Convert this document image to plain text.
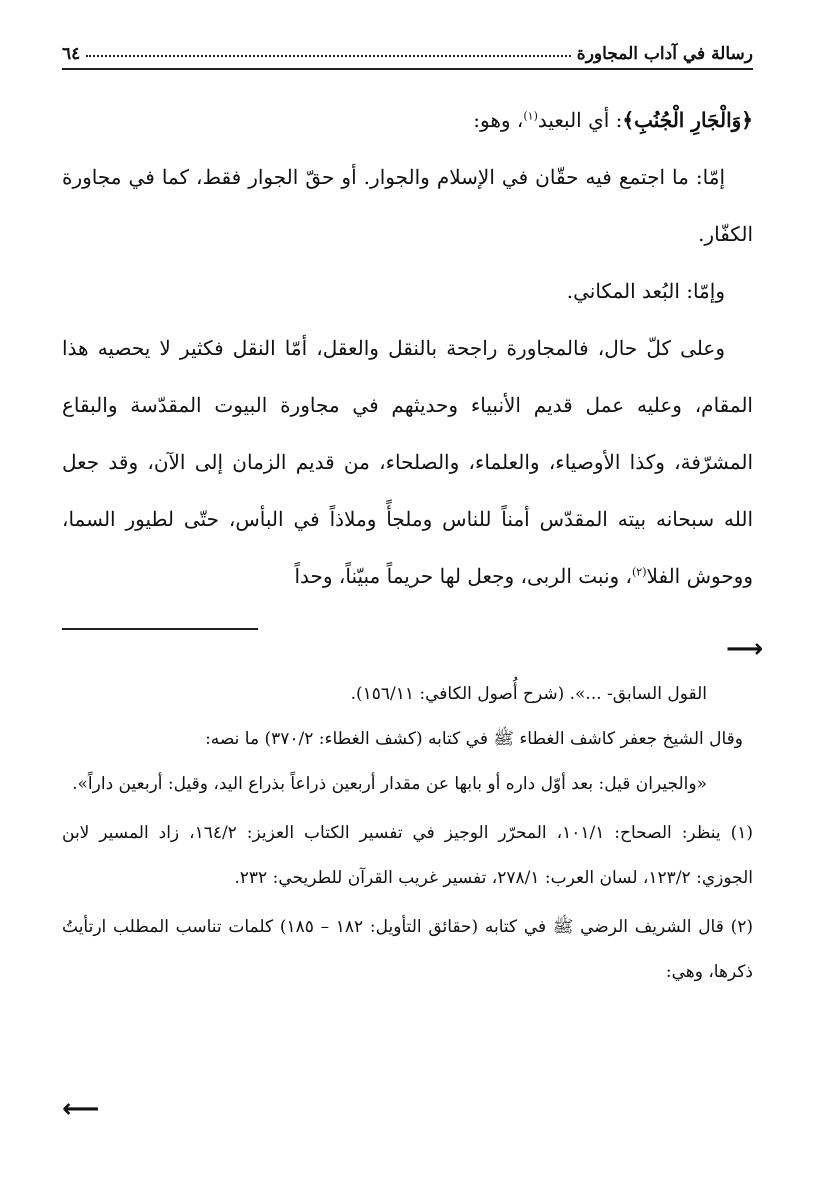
رسالة في آداب المجاورة
٦٤

﴿وَالْجَارِ الْجُنُبِ﴾: أي البعيد$^{(١)}$، وهو:

إمّا: ما اجتمع فيه حقّان في الإسلام والجوار. أو حقّ الجوار فقط، كما في مجاورة الكفّار.

وإمّا: البُعد المكاني.

وعلى كلّ حال، فالمجاورة راجحة بالنقل والعقل، أمّا النقل فكثير لا يحصيه هذا المقام، وعليه عمل قديم الأنبياء وحديثهم في مجاورة البيوت المقدّسة والبقاع المشرّفة، وكذا الأوصياء، والعلماء، والصلحاء، من قديم الزمان إلى الآن، وقد جعل الله سبحانه بيته المقدّس أمناً للناس وملجأً وملاذاً في البأس، حتّى لطيور السما، ووحوش الفلا$^{(٢)}$، ونبت الربى، وجعل لها حريماً مبيّناً، وحداً

⟶

القول السابق- ...». (شرح أُصول الكافي: ١٥٦/١١).

وقال الشيخ جعفر كاشف الغطاء ﷺ في كتابه (كشف الغطاء: ٣٧٠/٢) ما نصه:

«والجيران قيل: بعد أوّل داره أو بابها عن مقدار أربعين ذراعاً بذراع اليد، وقيل: أربعين داراً».

(١) ينظر: الصحاح: ١٠١/١، المحرّر الوجيز في تفسير الكتاب العزيز: ١٦٤/٢، زاد المسير لابن الجوزي: ١٢٣/٢، لسان العرب: ٢٧٨/١، تفسير غريب القرآن للطريحي: ٢٣٢.

(٢) قال الشريف الرضي ﷺ في كتابه (حقائق التأويل: ١٨٢ – ١٨٥) كلمات تناسب المطلب ارتأيتُ ذكرها، وهي:

⟵
